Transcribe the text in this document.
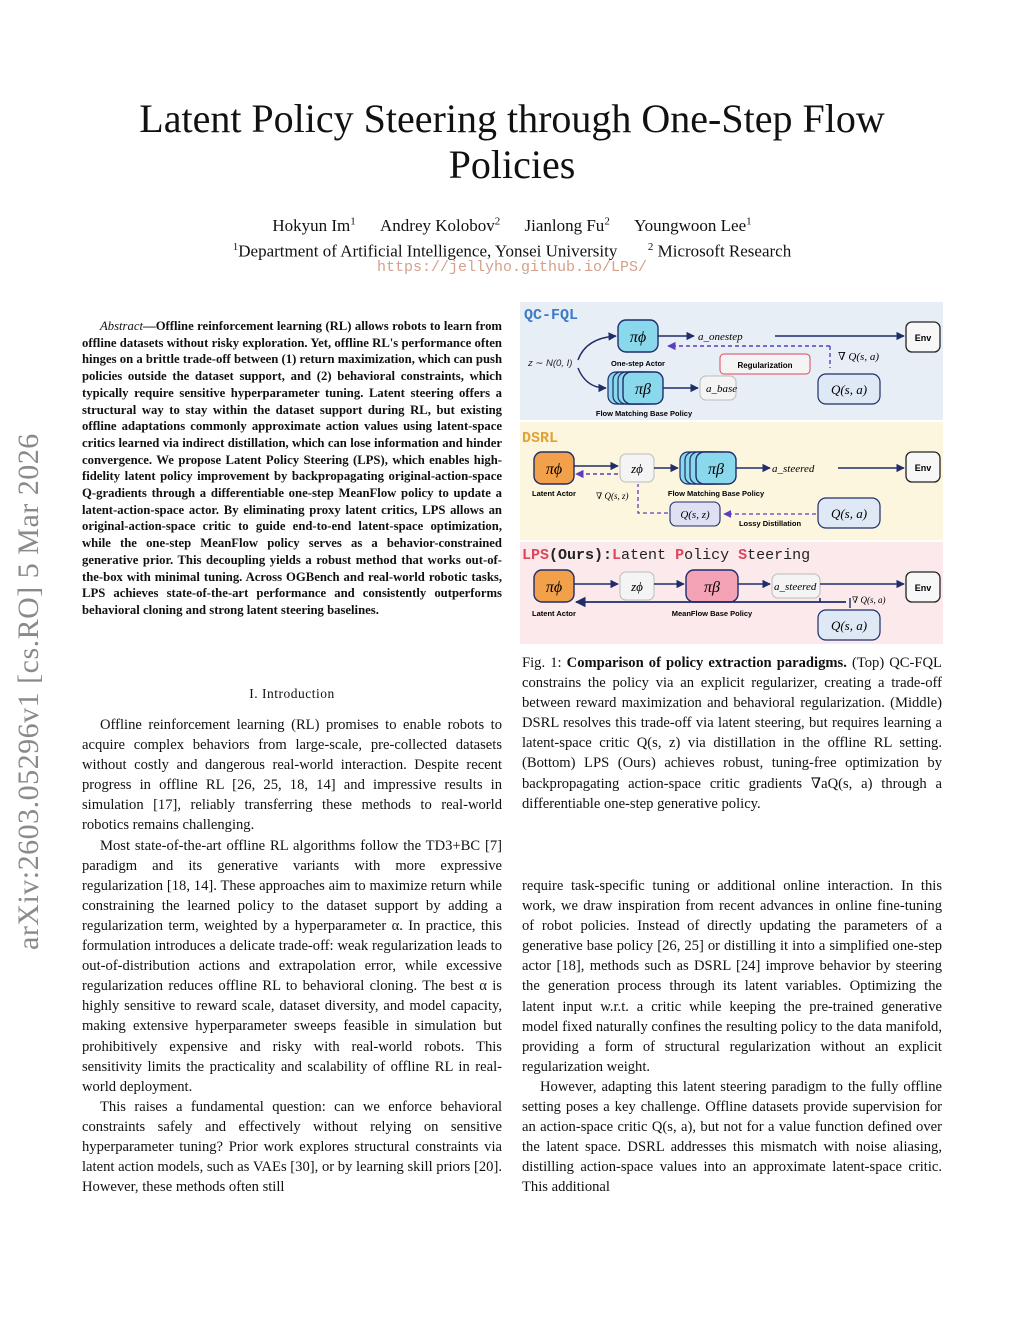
Latent Policy Steering through One-Step Flow Policies
Hokyun Im$^1$ Andrey Kolobov$^2$ Jianlong Fu$^2$ Youngwoon Lee$^1$
$^1$Department of Artificial Intelligence, Yonsei University	$^2$ Microsoft Research
https://jellyho.github.io/LPS/
arXiv:2603.05296v1 [cs.RO] 5 Mar 2026

Abstract—Offline reinforcement learning (RL) allows robots to learn from offline datasets without risky exploration. Yet, offline RL's performance often hinges on a brittle trade-off between (1) return maximization, which can push policies outside the dataset support, and (2) behavioral constraints, which typically require sensitive hyperparameter tuning. Latent steering offers a structural way to stay within the dataset support during RL, but existing offline adaptations commonly approximate action values using latent-space critics learned via indirect distillation, which can lose information and hinder convergence. We propose Latent Policy Steering (LPS), which enables high-fidelity latent policy improvement by backpropagating original-action-space Q-gradients through a differentiable one-step MeanFlow policy to update a latent-action-space actor. By eliminating proxy latent critics, LPS allows an original-action-space critic to guide end-to-end latent-space optimization, while the one-step MeanFlow policy serves as a behavior-constrained generative prior. This decoupling yields a robust method that works out-of-the-box with minimal tuning. Across OGBench and real-world robotic tasks, LPS achieves state-of-the-art performance and consistently outperforms behavioral cloning and strong latent steering baselines.

I. Introduction

Offline reinforcement learning (RL) promises to enable robots to acquire complex behaviors from large-scale, pre-collected datasets without costly and dangerous real-world interaction. Despite recent progress in offline RL [26, 25, 18, 14] and impressive results in simulation [17], reliably transferring these methods to real-world robotics remains challenging.

Most state-of-the-art offline RL algorithms follow the TD3+BC [7] paradigm and its generative variants with more expressive regularization [18, 14]. These approaches aim to maximize return while constraining the learned policy to the dataset support by adding a regularization term, weighted by a hyperparameter α. In practice, this formulation introduces a delicate trade-off: weak regularization leads to out-of-distribution actions and extrapolation error, while excessive regularization reduces offline RL to behavioral cloning. The best α is highly sensitive to reward scale, dataset diversity, and model capacity, making extensive hyperparameter sweeps feasible in simulation but prohibitively expensive and risky with real-world robots. This sensitivity limits the practicality and scalability of offline RL in real-world deployment.

This raises a fundamental question: can we enforce behavioral constraints safely and effectively without relying on sensitive hyperparameter tuning? Prior work explores structural constraints via latent action models, such as VAEs [30], or by learning skill priors [20]. However, these methods often still

QC-FQL
z ∼ N(0, I)
πϕ
One-step Actor
πβ
Flow Matching Base Policy
a_onestep
a_base
Regularization
∇ Q(s, a)
Q(s, a)
Env
DSRL
πϕ
Latent Actor
zϕ	πβ
Flow Matching Base Policy
a_steered
∇ Q(s, z)
Q(s, z)
Lossy Distillation
Q(s, a)
Env
LPS(Ours):Latent Policy Steering
πϕ
Latent Actor
zϕ	πβ
MeanFlow Base Policy
a_steered
∇ Q(s, a)
Q(s, a)
Env
Fig. 1: Comparison of policy extraction paradigms. (Top) QC-FQL constrains the policy via an explicit regularizer, creating a trade-off between reward maximization and behavioral regularization. (Middle) DSRL resolves this trade-off via latent steering, but requires learning a latent-space critic Q(s, z) via distillation in the offline RL setting. (Bottom) LPS (Ours) achieves robust, tuning-free optimization by backpropagating action-space critic gradients ∇aQ(s, a) through a differentiable one-step generative policy.

require task-specific tuning or additional online interaction. In this work, we draw inspiration from recent advances in online fine-tuning of robot policies. Instead of directly updating the parameters of a generative base policy [26, 25] or distilling it into a simplified one-step actor [18], methods such as DSRL [24] improve behavior by steering the generation process through its latent variables. Optimizing the latent input w.r.t. a critic while keeping the pre-trained generative model fixed naturally confines the resulting policy to the data manifold, providing a form of structural regularization without an explicit regularization weight.

However, adapting this latent steering paradigm to the fully offline setting poses a key challenge. Offline datasets provide supervision for an action-space critic Q(s, a), but not for a value function defined over the latent space. DSRL addresses this mismatch with noise aliasing, distilling action-space values into an approximate latent-space critic. This additional
